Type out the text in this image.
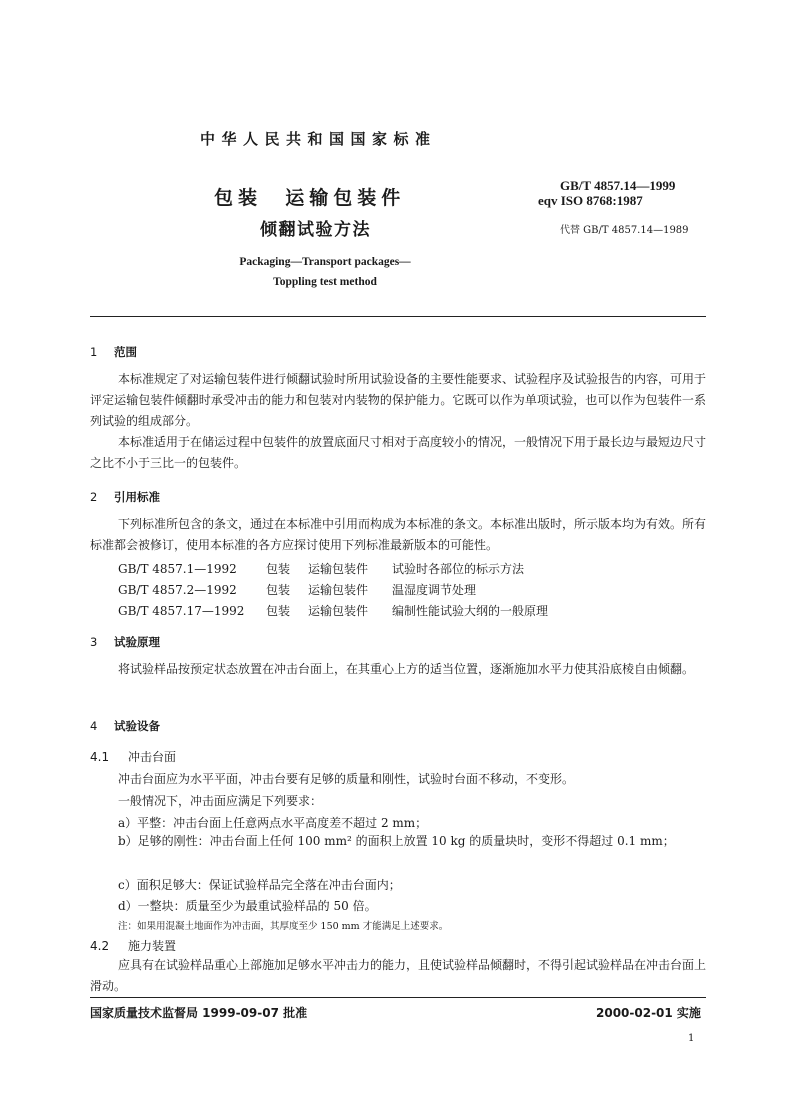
中华人民共和国国家标准
包装  运输包装件
倾翻试验方法
GB/T 4857.14—1999
eqv ISO 8768:1987
代替 GB/T 4857.14—1989
Packaging—Transport packages—
Toppling test method
1 范围
本标准规定了对运输包装件进行倾翻试验时所用试验设备的主要性能要求、试验程序及试验报告的内容，可用于评定运输包装件倾翻时承受冲击的能力和包装对内装物的保护能力。它既可以作为单项试验，也可以作为包装件一系列试验的组成部分。
本标准适用于在储运过程中包装件的放置底面尺寸相对于高度较小的情况，一般情况下用于最长边与最短边尺寸之比不小于三比一的包装件。
2 引用标准
下列标准所包含的条文，通过在本标准中引用而构成为本标准的条文。本标准出版时，所示版本均为有效。所有标准都会被修订，使用本标准的各方应探讨使用下列标准最新版本的可能性。
GB/T 4857.1—1992 包装 运输包装件 试验时各部位的标示方法
GB/T 4857.2—1992 包装 运输包装件 温湿度调节处理
GB/T 4857.17—1992 包装 运输包装件 编制性能试验大纲的一般原理
3 试验原理
将试验样品按预定状态放置在冲击台面上，在其重心上方的适当位置，逐渐施加水平力使其沿底棱自由倾翻。
4 试验设备
4.1 冲击台面
冲击台面应为水平平面，冲击台要有足够的质量和刚性，试验时台面不移动，不变形。
一般情况下，冲击面应满足下列要求：
a）平整：冲击台面上任意两点水平高度差不超过 2 mm；
b）足够的刚性：冲击台面上任何 100 mm² 的面积上放置 10 kg 的质量块时，变形不得超过 0.1 mm；
c）面积足够大：保证试验样品完全落在冲击台面内；
d）一整块：质量至少为最重试验样品的 50 倍。
注：如果用混凝土地面作为冲击面，其厚度至少 150 mm 才能满足上述要求。
4.2 施力装置
应具有在试验样品重心上部施加足够水平冲击力的能力，且使试验样品倾翻时，不得引起试验样品在冲击台面上滑动。
国家质量技术监督局 1999-09-07 批准	2000-02-01 实施
1
